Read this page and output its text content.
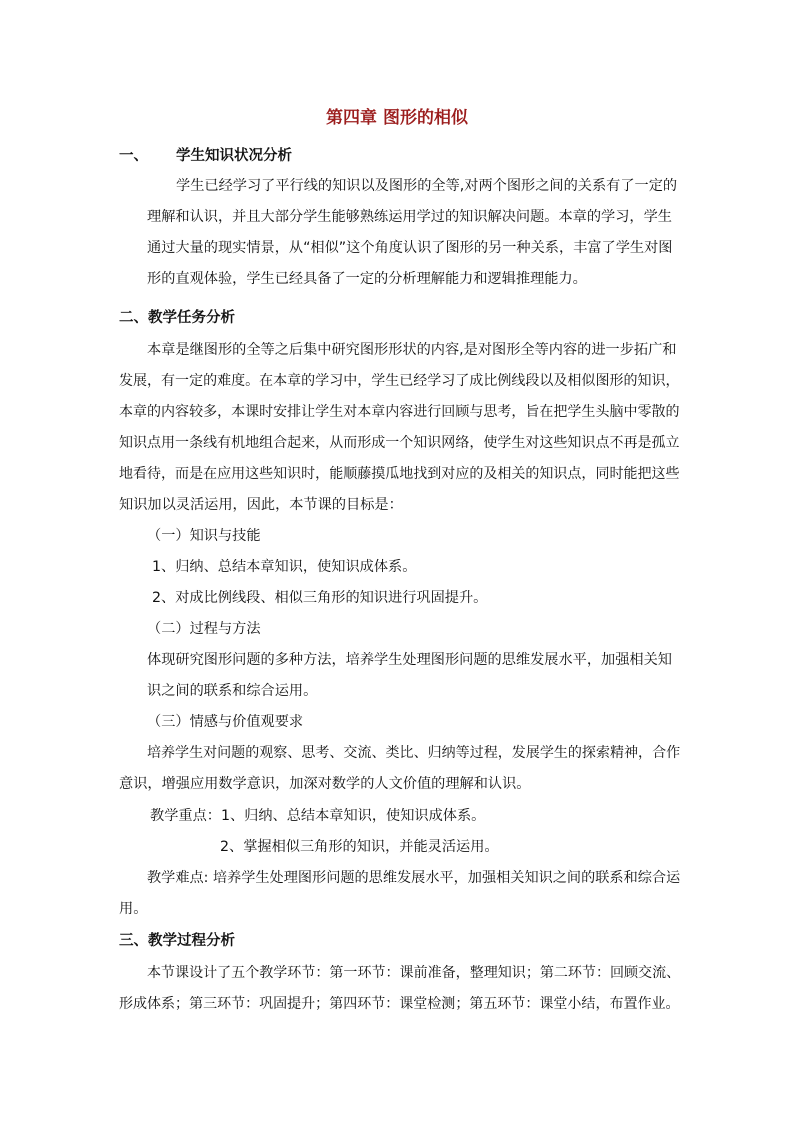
第四章 图形的相似
一、 学生知识状况分析
学生已经学习了平行线的知识以及图形的全等,对两个图形之间的关系有了一定的
理解和认识，并且大部分学生能够熟练运用学过的知识解决问题。本章的学习，学生
通过大量的现实情景，从“相似”这个角度认识了图形的另一种关系，丰富了学生对图
形的直观体验，学生已经具备了一定的分析理解能力和逻辑推理能力。
二、教学任务分析
本章是继图形的全等之后集中研究图形形状的内容,是对图形全等内容的进一步拓广和
发展，有一定的难度。在本章的学习中，学生已经学习了成比例线段以及相似图形的知识，
本章的内容较多，本课时安排让学生对本章内容进行回顾与思考，旨在把学生头脑中零散的
知识点用一条线有机地组合起来，从而形成一个知识网络，使学生对这些知识点不再是孤立
地看待，而是在应用这些知识时，能顺藤摸瓜地找到对应的及相关的知识点，同时能把这些
知识加以灵活运用，因此，本节课的目标是：
（一）知识与技能
1、归纳、总结本章知识，使知识成体系。
2、对成比例线段、相似三角形的知识进行巩固提升。
（二）过程与方法
体现研究图形问题的多种方法，培养学生处理图形问题的思维发展水平，加强相关知
识之间的联系和综合运用。
（三）情感与价值观要求
培养学生对问题的观察、思考、交流、类比、归纳等过程，发展学生的探索精神，合作
意识，增强应用数学意识，加深对数学的人文价值的理解和认识。
教学重点：1、归纳、总结本章知识，使知识成体系。
2、掌握相似三角形的知识，并能灵活运用。
教学难点: 培养学生处理图形问题的思维发展水平，加强相关知识之间的联系和综合运
用。
三、教学过程分析
本节课设计了五个教学环节：第一环节：课前准备，整理知识；第二环节：回顾交流、
形成体系；第三环节：巩固提升；第四环节：课堂检测；第五环节：课堂小结，布置作业。
